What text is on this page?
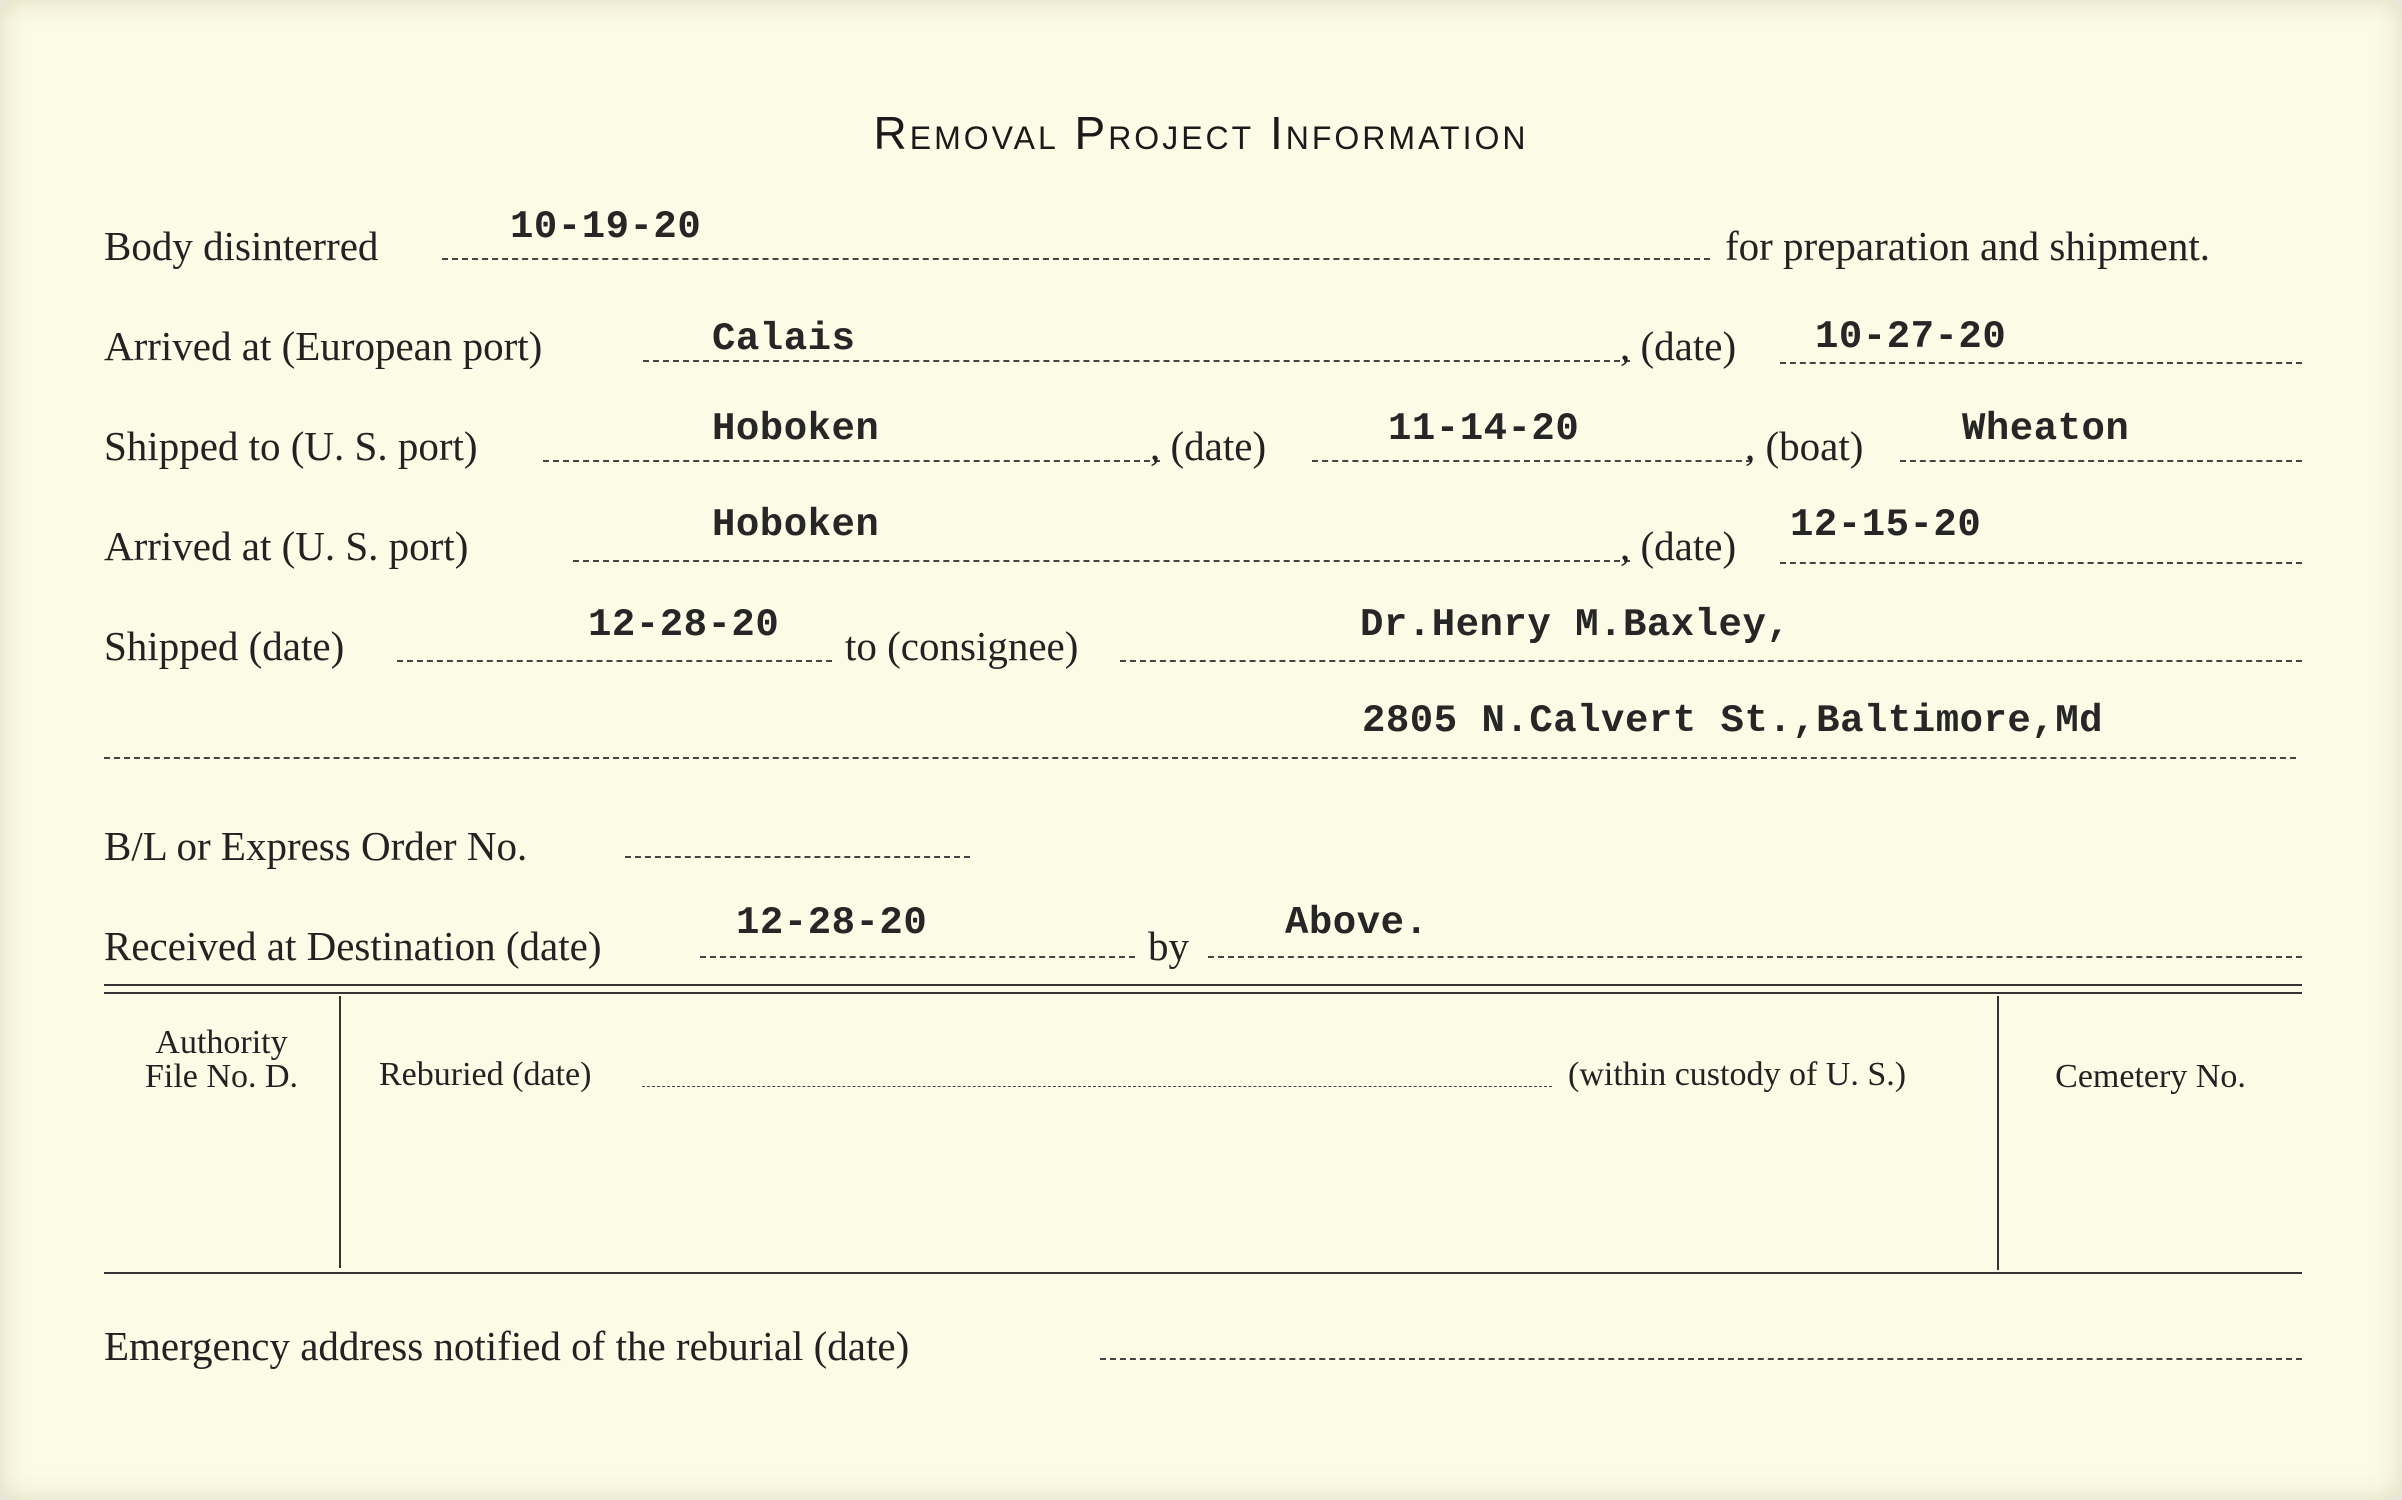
Removal Project Information
Body disinterred	10-19-20	for preparation and shipment.
Arrived at (European port)	Calais	, (date) 10-27-20
Shipped to (U. S. port)	Hoboken	, (date)	11-14-20	, (boat)	Wheaton
Arrived at (U. S. port)	Hoboken	, (date) 12-15-20
Shipped (date)	12-28-20 to (consignee)	Dr.Henry M.Baxley,
2805 N.Calvert St.,Baltimore,Md
B/L or Express Order No.
Received at Destination (date)	12-28-20	by Above.
Authority
File No. D.	Reburied (date)	(within custody of U. S.)	Cemetery No.
Emergency address notified of the reburial (date)
